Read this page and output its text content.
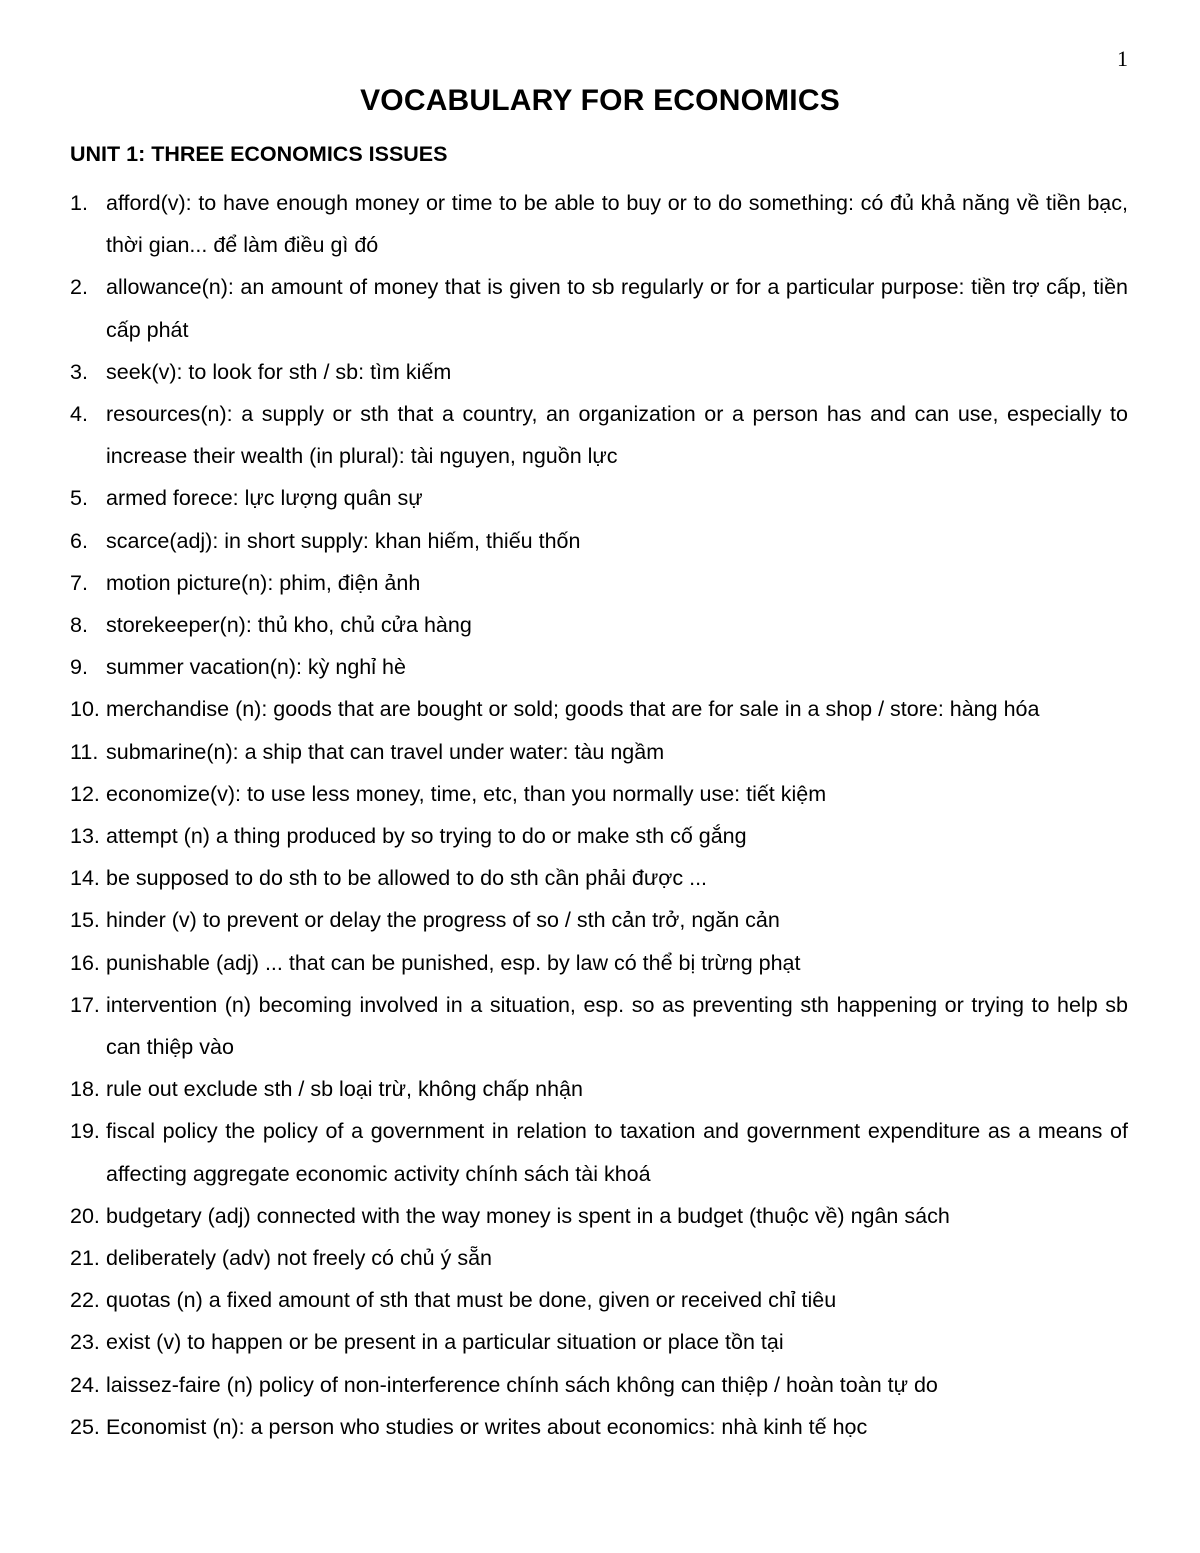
1
VOCABULARY FOR ECONOMICS
UNIT 1: THREE ECONOMICS ISSUES
1. afford(v): to have enough money or time to be able to buy or to do something: có đủ khả năng về tiền bạc, thời gian... để làm điều gì đó
2. allowance(n): an amount of money that is given to sb regularly or for a particular purpose: tiền trợ cấp, tiền cấp phát
3. seek(v): to look for sth / sb: tìm kiếm
4. resources(n): a supply or sth that a country, an organization or a person has and can use, especially to increase their wealth (in plural): tài nguyen, nguồn lực
5. armed forece: lực lượng quân sự
6. scarce(adj): in short supply: khan hiếm, thiếu thốn
7. motion picture(n): phim, điện ảnh
8. storekeeper(n): thủ kho, chủ cửa hàng
9. summer vacation(n): kỳ nghỉ hè
10. merchandise (n): goods that are bought or sold; goods that are for sale in a shop / store: hàng hóa
11. submarine(n): a ship that can travel under water: tàu ngầm
12. economize(v): to use less money, time, etc, than you normally use: tiết kiệm
13. attempt (n) a thing produced by so trying to do or make sth cố gắng
14. be supposed to do sth to be allowed to do sth cần phải được ...
15. hinder (v) to prevent or delay the progress of so / sth cản trở, ngăn cản
16. punishable (adj) ... that can be punished, esp. by law có thể bị trừng phạt
17. intervention (n) becoming involved in a situation, esp. so as preventing sth happening or trying to help sb can thiệp vào
18. rule out exclude sth / sb loại trừ, không chấp nhận
19. fiscal policy the policy of a government in relation to taxation and government expenditure as a means of affecting aggregate economic activity chính sách tài khoá
20. budgetary (adj) connected with the way money is spent in a budget (thuộc về) ngân sách
21. deliberately (adv) not freely có chủ ý sẵn
22. quotas (n) a fixed amount of sth that must be done, given or received chỉ tiêu
23. exist (v) to happen or be present in a particular situation or place tồn tại
24. laissez-faire (n) policy of non-interference chính sách không can thiệp / hoàn toàn tự do
25. Economist (n): a person who studies or writes about economics: nhà kinh tế học
